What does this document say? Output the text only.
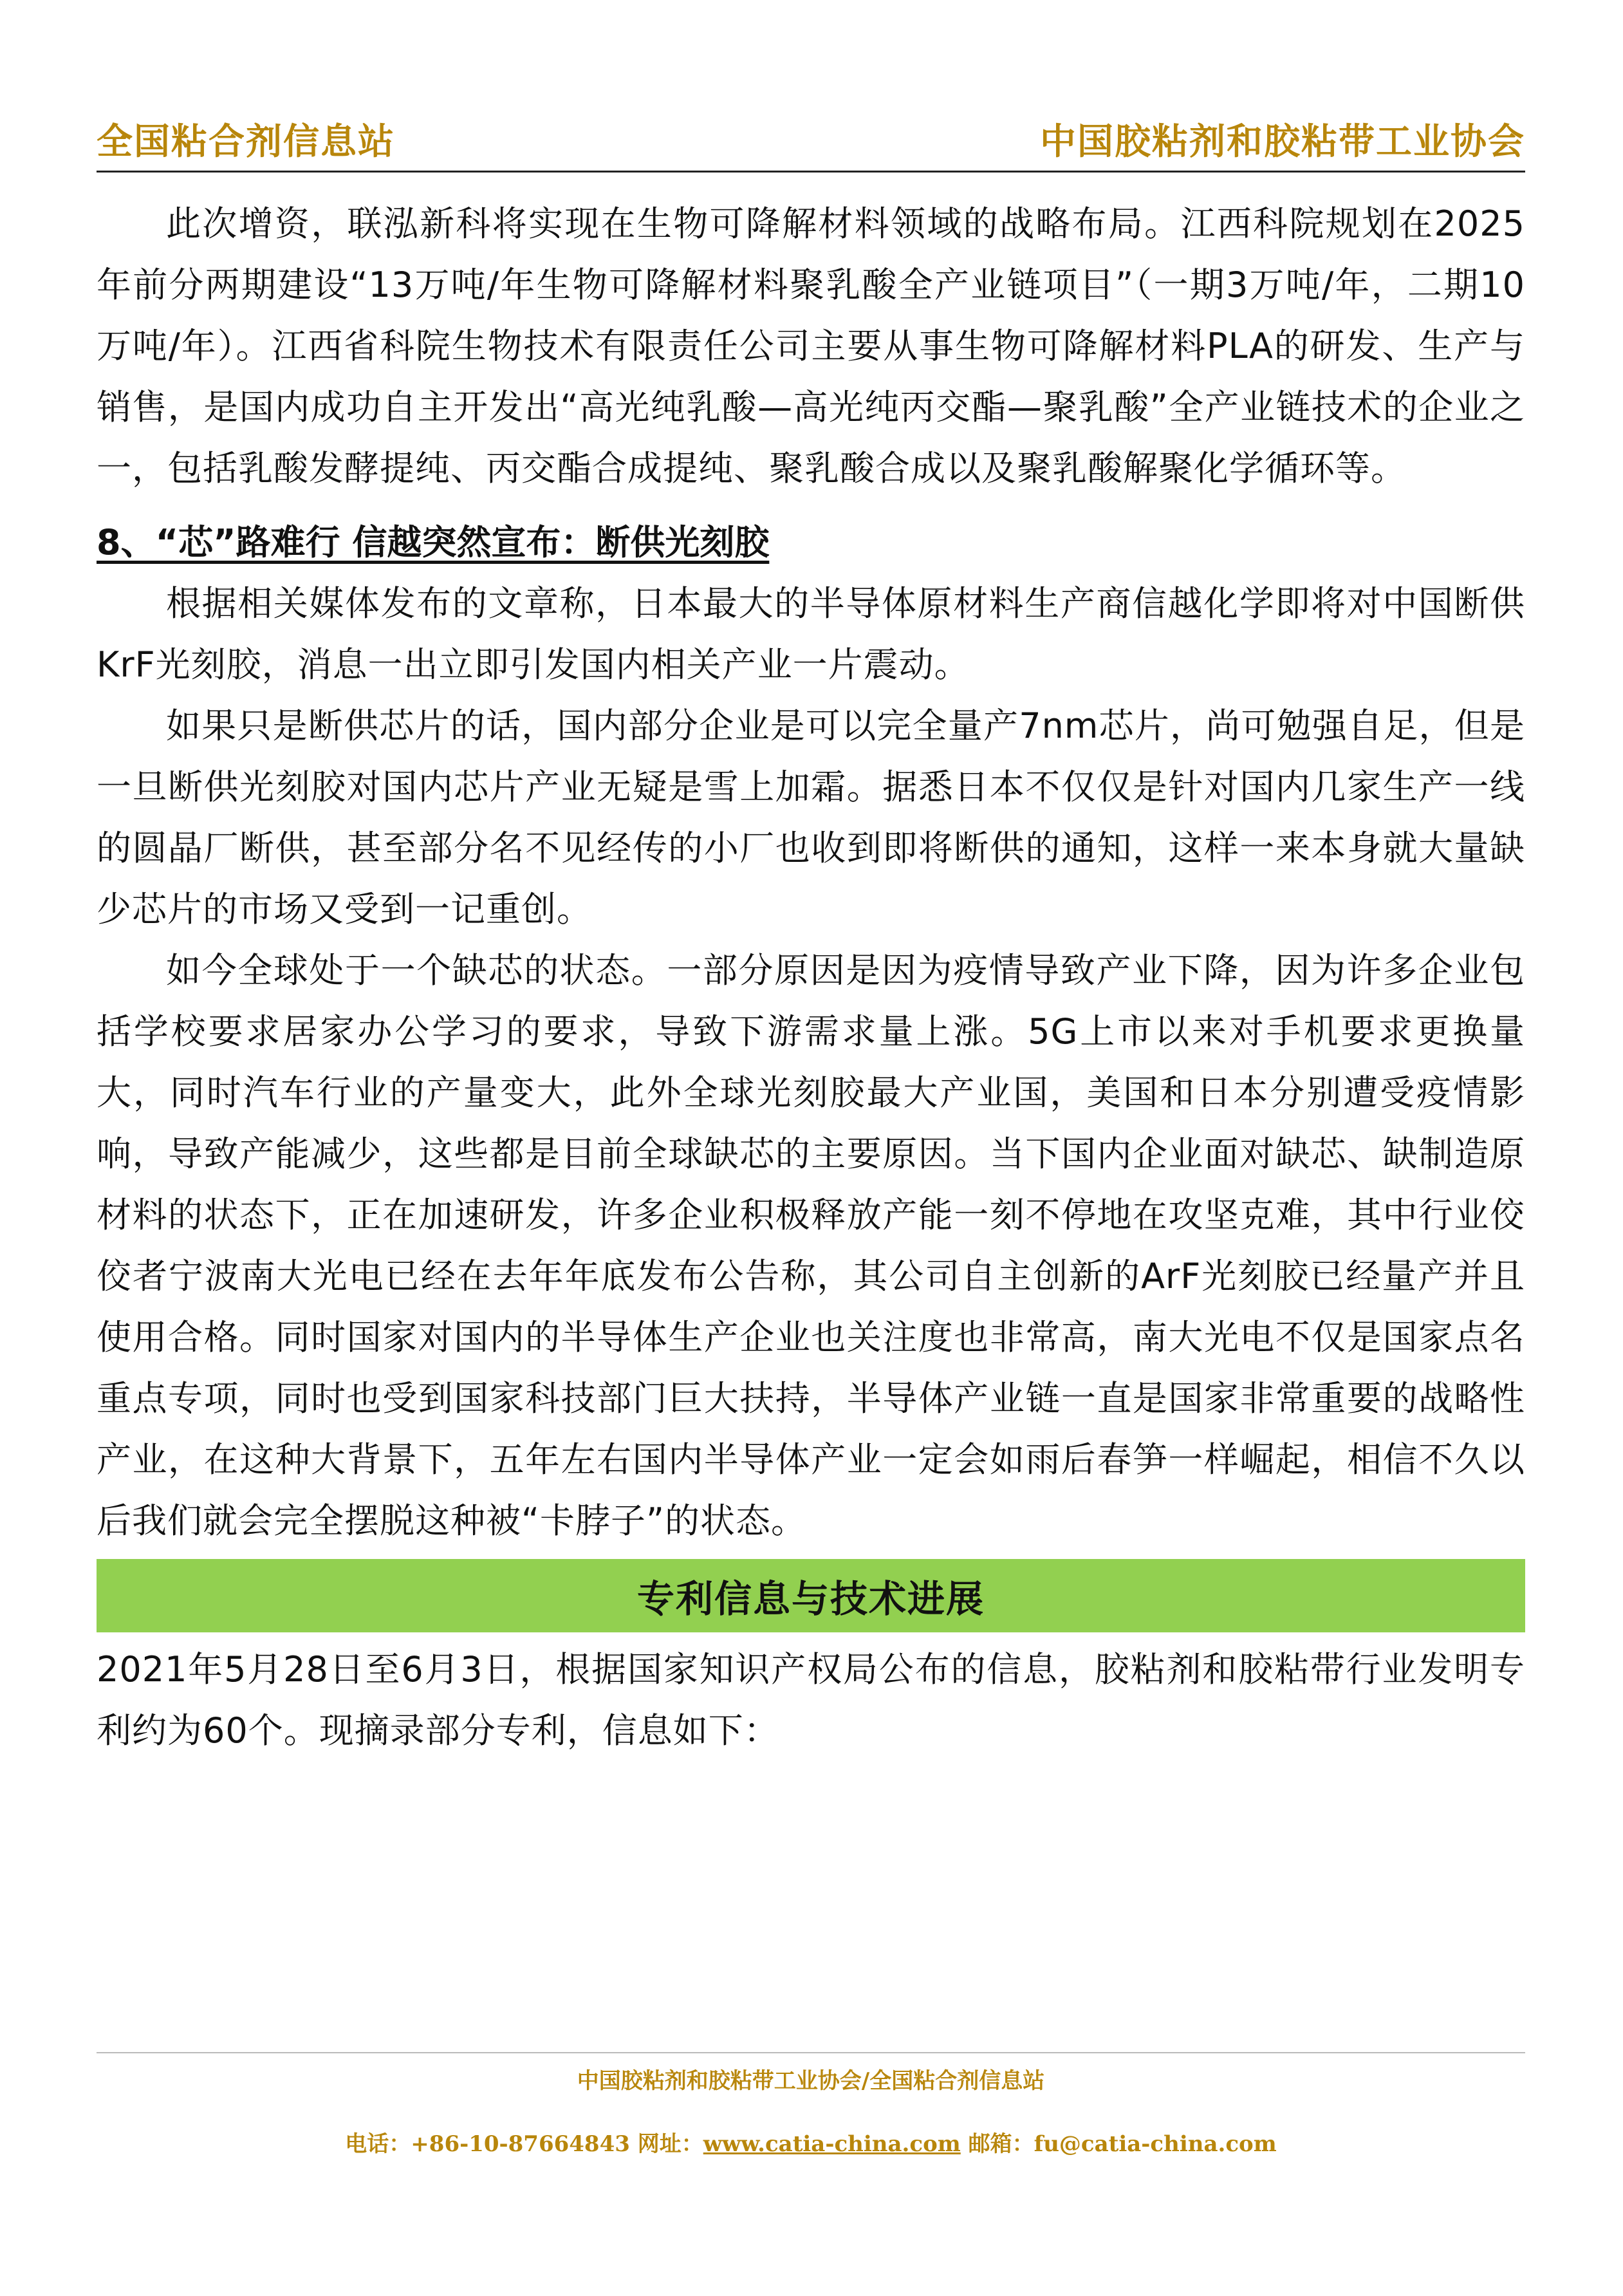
全国粘合剂信息站	中国胶粘剂和胶粘带工业协会

此次增资，联泓新科将实现在生物可降解材料领域的战略布局。江西科院规划在2025年前分两期建设“13万吨/年生物可降解材料聚乳酸全产业链项目”（一期3万吨/年，二期10万吨/年）。江西省科院生物技术有限责任公司主要从事生物可降解材料PLA的研发、生产与销售，是国内成功自主开发出“高光纯乳酸—高光纯丙交酯—聚乳酸”全产业链技术的企业之一，包括乳酸发酵提纯、丙交酯合成提纯、聚乳酸合成以及聚乳酸解聚化学循环等。

8、“芯”路难行 信越突然宣布：断供光刻胶

根据相关媒体发布的文章称，日本最大的半导体原材料生产商信越化学即将对中国断供KrF光刻胶，消息一出立即引发国内相关产业一片震动。

如果只是断供芯片的话，国内部分企业是可以完全量产7nm芯片，尚可勉强自足，但是一旦断供光刻胶对国内芯片产业无疑是雪上加霜。据悉日本不仅仅是针对国内几家生产一线的圆晶厂断供，甚至部分名不见经传的小厂也收到即将断供的通知，这样一来本身就大量缺少芯片的市场又受到一记重创。

如今全球处于一个缺芯的状态。一部分原因是因为疫情导致产业下降，因为许多企业包括学校要求居家办公学习的要求，导致下游需求量上涨。5G上市以来对手机要求更换量大，同时汽车行业的产量变大，此外全球光刻胶最大产业国，美国和日本分别遭受疫情影响，导致产能减少，这些都是目前全球缺芯的主要原因。当下国内企业面对缺芯、缺制造原材料的状态下，正在加速研发，许多企业积极释放产能一刻不停地在攻坚克难，其中行业佼佼者宁波南大光电已经在去年年底发布公告称，其公司自主创新的ArF光刻胶已经量产并且使用合格。同时国家对国内的半导体生产企业也关注度也非常高，南大光电不仅是国家点名重点专项，同时也受到国家科技部门巨大扶持，半导体产业链一直是国家非常重要的战略性产业，在这种大背景下，五年左右国内半导体产业一定会如雨后春笋一样崛起，相信不久以后我们就会完全摆脱这种被“卡脖子”的状态。

专利信息与技术进展

2021年5月28日至6月3日，根据国家知识产权局公布的信息，胶粘剂和胶粘带行业发明专利约为60个。现摘录部分专利，信息如下：

中国胶粘剂和胶粘带工业协会/全国粘合剂信息站
电话：+86-10-87664843 网址：www.catia-china.com 邮箱：fu@catia-china.com
